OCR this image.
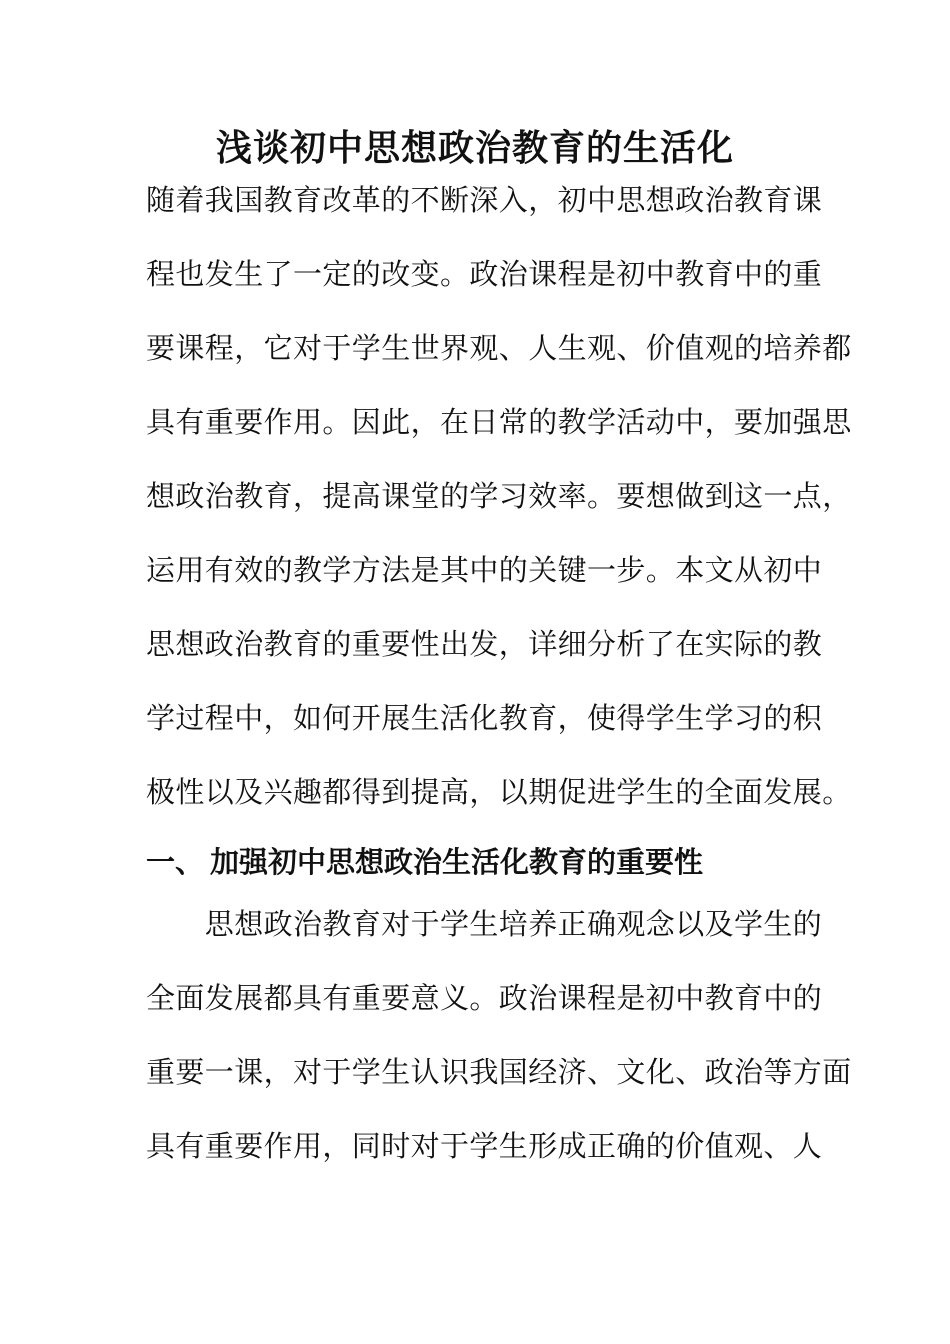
浅谈初中思想政治教育的生活化

随着我国教育改革的不断深入，初中思想政治教育课

程也发生了一定的改变。政治课程是初中教育中的重

要课程，它对于学生世界观、人生观、价值观的培养都

具有重要作用。因此，在日常的教学活动中，要加强思

想政治教育，提高课堂的学习效率。要想做到这一点，

运用有效的教学方法是其中的关键一步。本文从初中

思想政治教育的重要性出发，详细分析了在实际的教

学过程中，如何开展生活化教育，使得学生学习的积

极性以及兴趣都得到提高，以期促进学生的全面发展。

一、 加强初中思想政治生活化教育的重要性

　　思想政治教育对于学生培养正确观念以及学生的

全面发展都具有重要意义。政治课程是初中教育中的

重要一课，对于学生认识我国经济、文化、政治等方面

具有重要作用，同时对于学生形成正确的价值观、人
